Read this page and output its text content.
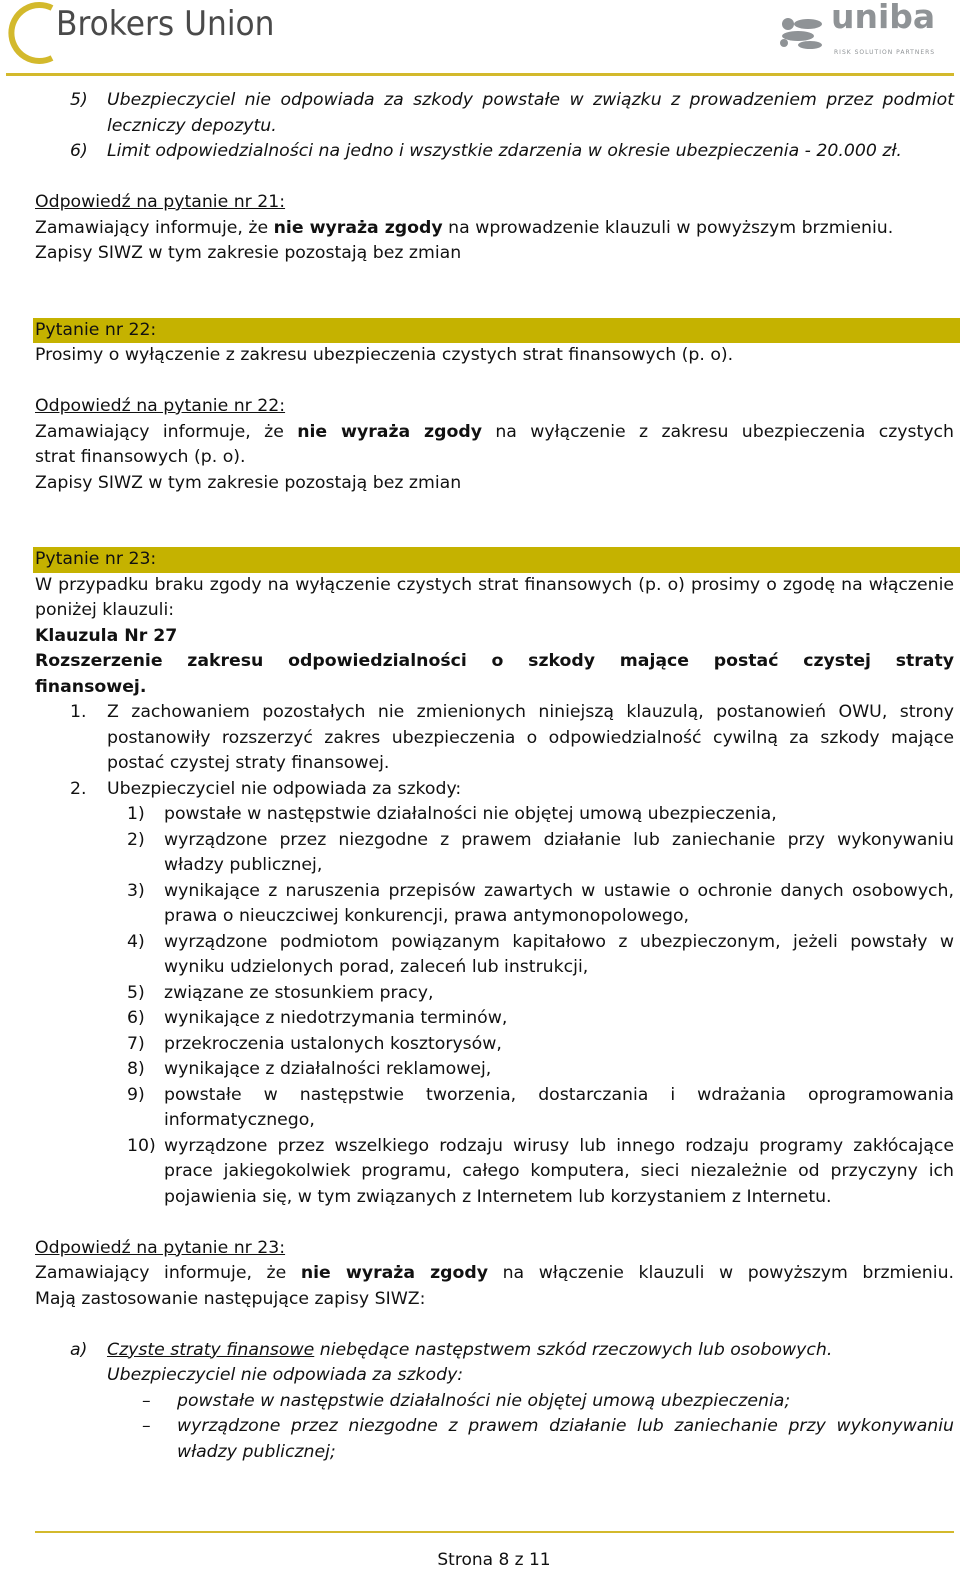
Brokers Union	uniba
RISK SOLUTION PARTNERS
5) Ubezpieczyciel nie odpowiada za szkody powstałe w związku z prowadzeniem przez podmiot leczniczy depozytu.

6) Limit odpowiedzialności na jedno i wszystkie zdarzenia w okresie ubezpieczenia - 20.000 zł.

Odpowiedź na pytanie nr 21:

Zamawiający informuje, że nie wyraża zgody na wprowadzenie klauzuli w powyższym brzmieniu.

Zapisy SIWZ w tym zakresie pozostają bez zmian

Pytanie nr 22:

Prosimy o wyłączenie z zakresu ubezpieczenia czystych strat finansowych (p. o).

Odpowiedź na pytanie nr 22:

Zamawiający informuje, że nie wyraża zgody na wyłączenie z zakresu ubezpieczenia czystych

strat finansowych (p. o).

Zapisy SIWZ w tym zakresie pozostają bez zmian

Pytanie nr 23:

W przypadku braku zgody na wyłączenie czystych strat finansowych (p. o) prosimy o zgodę na włączenie poniżej klauzuli:

Klauzula Nr 27

Rozszerzenie zakresu odpowiedzialności o szkody mające postać czystej straty

finansowej.

1. Z zachowaniem pozostałych nie zmienionych niniejszą klauzulą, postanowień OWU, strony postanowiły rozszerzyć zakres ubezpieczenia o odpowiedzialność cywilną za szkody mające postać czystej straty finansowej.

2. Ubezpieczyciel nie odpowiada za szkody:

1) powstałe w następstwie działalności nie objętej umową ubezpieczenia,

2) wyrządzone przez niezgodne z prawem działanie lub zaniechanie przy wykonywaniu władzy publicznej,

3) wynikające z naruszenia przepisów zawartych w ustawie o ochronie danych osobowych, prawa o nieuczciwej konkurencji, prawa antymonopolowego,

4) wyrządzone podmiotom powiązanym kapitałowo z ubezpieczonym, jeżeli powstały w wyniku udzielonych porad, zaleceń lub instrukcji,

5) związane ze stosunkiem pracy,

6) wynikające z niedotrzymania terminów,

7) przekroczenia ustalonych kosztorysów,

8) wynikające z działalności reklamowej,

9) powstałe w następstwie tworzenia, dostarczania i wdrażania oprogramowania informatycznego,

10) wyrządzone przez wszelkiego rodzaju wirusy lub innego rodzaju programy zakłócające prace jakiegokolwiek programu, całego komputera, sieci niezależnie od przyczyny ich pojawienia się, w tym związanych z Internetem lub korzystaniem z Internetu.

Odpowiedź na pytanie nr 23:

Zamawiający informuje, że nie wyraża zgody na włączenie klauzuli w powyższym brzmieniu.

Mają zastosowanie następujące zapisy SIWZ:

a) Czyste straty finansowe niebędące następstwem szkód rzeczowych lub osobowych.

Ubezpieczyciel nie odpowiada za szkody:

– powstałe w następstwie działalności nie objętej umową ubezpieczenia;

– wyrządzone przez niezgodne z prawem działanie lub zaniechanie przy wykonywaniu władzy publicznej;

Strona 8 z 11
